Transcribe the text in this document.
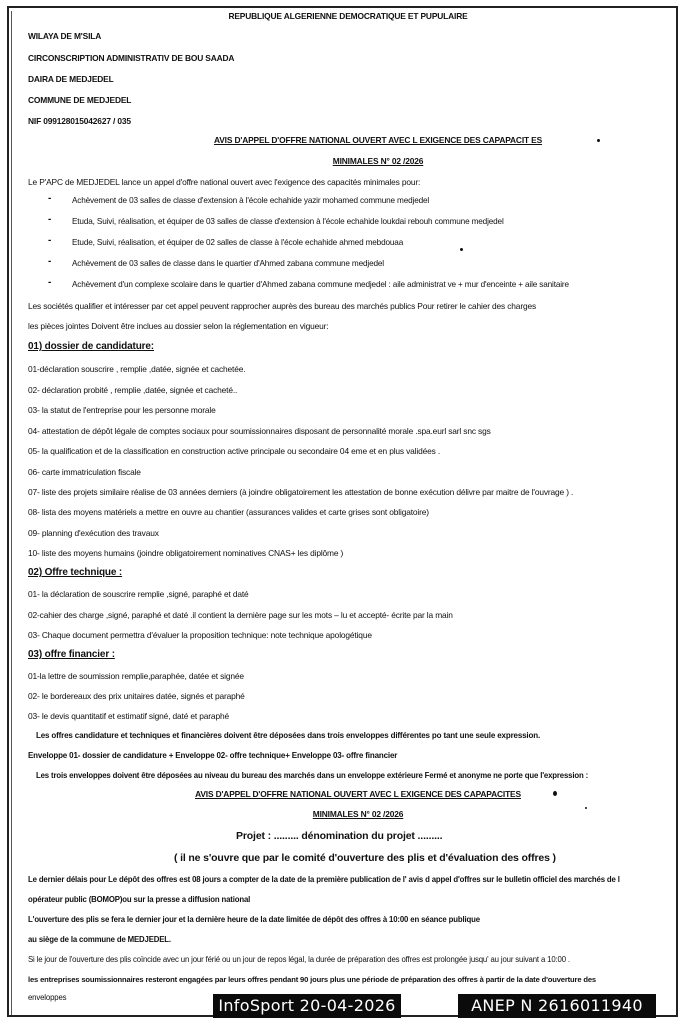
REPUBLIQUE ALGERIENNE DEMOCRATIQUE ET PUPULAIRE
WILAYA DE M'SILA
CIRCONSCRIPTION ADMINISTRATIV DE BOU SAADA
DAIRA DE MEDJEDEL
COMMUNE DE MEDJEDEL
NIF 099128015042627 / 035
AVIS D'APPEL D'OFFRE NATIONAL OUVERT AVEC L EXIGENCE DES CAPAPACIT ES
MINIMALES N° 02 /2026
Le P'APC de MEDJEDEL lance un appel d'offre national ouvert avec l'exigence des capacités minimales pour:
-	Achèvement de 03 salles de classe d'extension à l'école echahide yazir mohamed commune medjedel
-	Etuda, Suivi, réalisation, et équiper de 03 salles de classe d'extension à l'école echahide loukdai rebouh commune medjedel
-	Etude, Suivi, réalisation, et équiper de 02 salles de classe à l'école echahide ahmed mebdouaa
-	Achèvement de 03 salles de classe dans le quartier d'Ahmed zabana commune medjedel
-	Achèvement d'un complexe scolaire dans le quartier d'Ahmed zabana commune medjedel : aile administrat ve + mur d'enceinte + aile sanitaire
Les sociétés qualifier et intéresser par cet appel peuvent rapprocher auprès des bureau des marchés publics Pour retirer le cahier des charges
les pièces jointes Doivent être inclues au dossier selon la réglementation en vigueur:
01) dossier de candidature:
01-déclaration souscrire , remplie ,datée, signée et cachetée.
02- déclaration probité , remplie ,datée, signée et cacheté..
03- la statut de l'entreprise pour les personne morale
04- attestation de dépôt légale de comptes sociaux pour soumissionnaires disposant de personnalité morale .spa.eurl sarl snc sgs
05- la qualification et de la classification en construction active principale ou secondaire 04 eme et en plus validées .
06- carte immatriculation fiscale
07- liste des projets similaire réalise de 03 années derniers (à joindre obligatoirement les attestation de bonne exécution délivre par maitre de l'ouvrage ) .
08- lista des moyens matériels a mettre en ouvre au chantier (assurances valides et carte grises sont obligatoire)
09- planning d'exécution des travaux
10- liste des moyens humains (joindre obligatoirement nominatives CNAS+ les diplôme )
02) Offre technique :
01- la déclaration de souscrire remplie ,signé, paraphé et daté
02-cahier des charge ,signé, paraphé et daté .il contient la dernière page sur les mots – lu et accepté- écrite par la main
03- Chaque document permettra d'évaluer la proposition technique: note technique apologétique
03) offre financier :
01-la lettre de soumission remplie,paraphée, datée et signée
02- le bordereaux des prix unitaires datée, signés et paraphé
03- le devis quantitatif et estimatif signé, daté et paraphé
Les offres candidature et techniques et financières doivent être déposées dans trois enveloppes différentes po tant une seule expression.
Enveloppe 01- dossier de candidature + Enveloppe 02- offre technique+ Enveloppe 03- offre financier
Les trois enveloppes doivent être déposées au niveau du bureau des marchés dans un enveloppe extérieure Fermé et anonyme ne porte que l'expression :
AVIS D'APPEL D'OFFRE NATIONAL OUVERT AVEC L EXIGENCE DES CAPAPACITES
MINIMALES N° 02 /2026
Projet : ......... dénomination du projet .........
( il ne s'ouvre que par le comité d'ouverture des plis et d'évaluation des offres )
Le dernier délais pour Le dépôt des offres est 08 jours a compter de la date de la première publication de l' avis d appel d'offres sur le bulletin officiel des marchés de l
opérateur public (BOMOP)ou sur la presse a diffusion national
L'ouverture des plis se fera le dernier jour et la dernière heure de la date limitée de dépôt des offres à 10:00 en séance publique
au siège de la commune de MEDJEDEL.
Si le jour de l'ouverture des plis coïncide avec un jour férié ou un jour de repos légal, la durée de préparation des offres est prolongée jusqu' au jour suivant a 10:00 .
les entreprises soumissionnaires resteront engagées par leurs offres pendant 90 jours plus une période de préparation des offres à partir de la date d'ouverture des
enveloppes	InfoSport 20-04-2026	ANEP N 2616011940
